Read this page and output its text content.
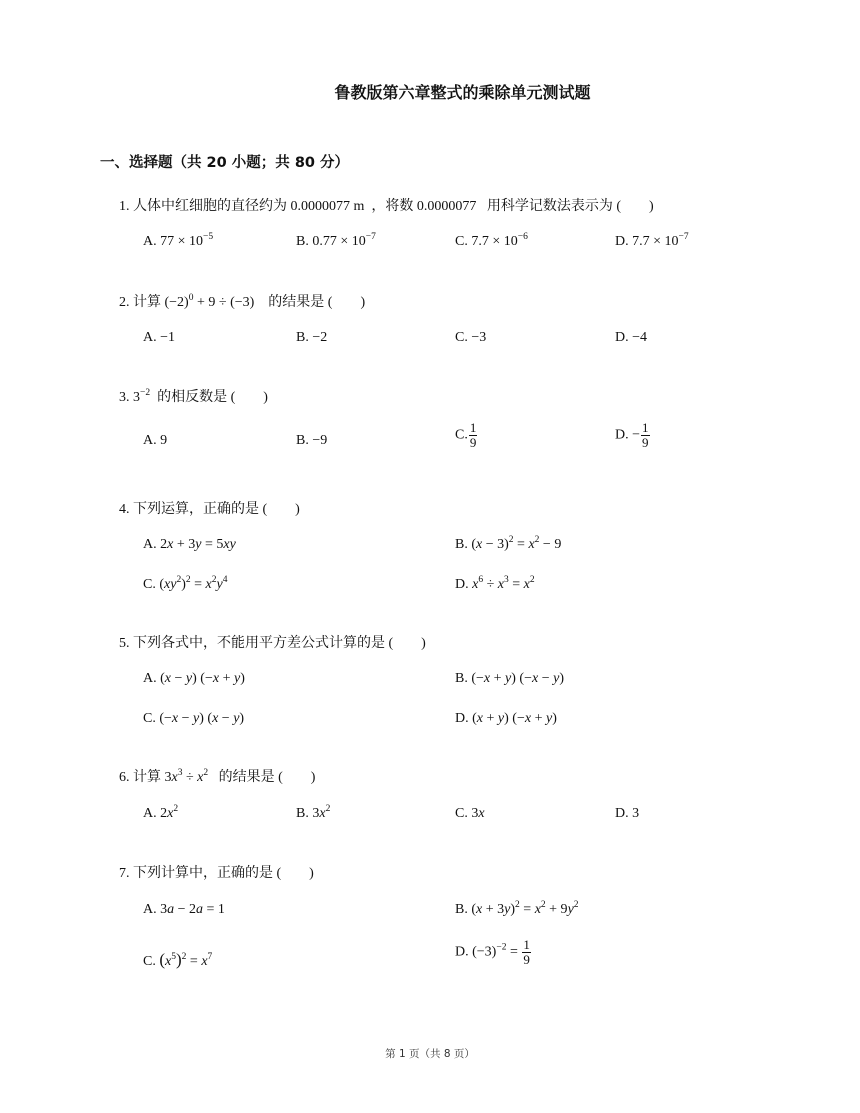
鲁教版第六章整式的乘除单元测试题
一、选择题（共 20 小题；共 80 分）
1. 人体中红细胞的直径约为 0.0000077 m ，将数 0.0000077 用科学记数法表示为 (　　)
A. $77 \times 10^{-5}$	B. $0.77 \times 10^{-7}$	C. $7.7 \times 10^{-6}$	D. $7.7 \times 10^{-7}$
2. 计算 $(-2)^0 + 9 \div (-3)$ 的结果是 (　　)
A. −1	B. −2	C. −3	D. −4
3. $3^{-2}$ 的相反数是 (　　)
A. 9	B. −9	C. $\frac{1}{9}$	D. − $\frac{1}{9}$
4. 下列运算，正确的是 (　　)
A. 2x + 3y = 5xy	B. $(x - 3)^2 = x^2 - 9$
C. $(xy^2)^2 = x^2y^4$	D. $x^6 \div x^3 = x^2$
5. 下列各式中，不能用平方差公式计算的是 (　　)
A. (x − y) (−x + y)	B. (−x + y) (−x − y)
C. (−x − y) (x − y)	D. (x + y) (−x + y)
6. 计算 $3x^3 \div x^2$ 的结果是 (　　)
A. $2x^2$	B. $3x^2$	C. 3x	D. 3
7. 下列计算中，正确的是 (　　)
A. 3a − 2a = 1	B. $(x + 3y)^2 = x^2 + 9y^2$
C. $(x^5)^2 = x^7$	D. $(-3)^{-2} = \frac{1}{9}$
第 1 页（共 8 页）
